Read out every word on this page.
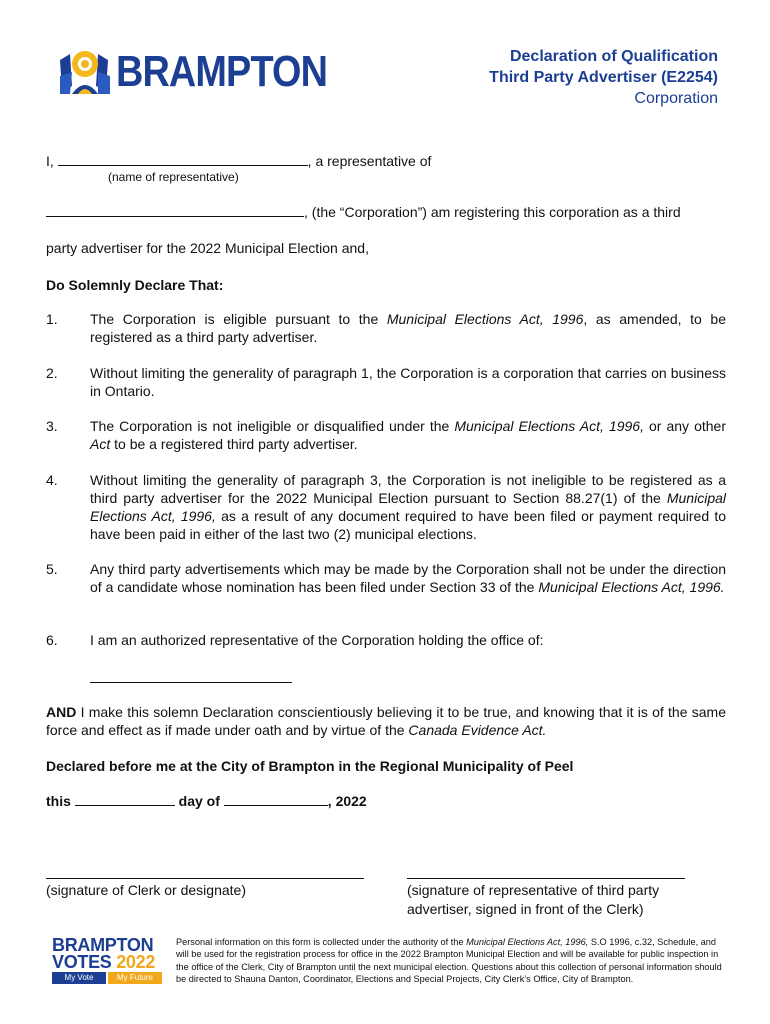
BRAMPTON	Declaration of Qualification
Third Party Advertiser (E2254)
Corporation
I,	, a representative of
(name of representative)
, (the “Corporation”) am registering this corporation as a third
party advertiser for the 2022 Municipal Election and,
Do Solemnly Declare That:
1.	The Corporation is eligible pursuant to the Municipal Elections Act, 1996, as amended, to be registered as a third party advertiser.
2.	Without limiting the generality of paragraph 1, the Corporation is a corporation that carries on business in Ontario.
3.	The Corporation is not ineligible or disqualified under the Municipal Elections Act, 1996, or any other Act to be a registered third party advertiser.
4.	Without limiting the generality of paragraph 3, the Corporation is not ineligible to be registered as a third party advertiser for the 2022 Municipal Election pursuant to Section 88.27(1) of the Municipal Elections Act, 1996, as a result of any document required to have been filed or payment required to have been paid in either of the last two (2) municipal elections.
5.	Any third party advertisements which may be made by the Corporation shall not be under the direction of a candidate whose nomination has been filed under Section 33 of the Municipal Elections Act, 1996.
6.	I am an authorized representative of the Corporation holding the office of:
AND I make this solemn Declaration conscientiously believing it to be true, and knowing that it is of the same force and effect as if made under oath and by virtue of the Canada Evidence Act.
Declared before me at the City of Brampton in the Regional Municipality of Peel
this	day of	, 2022
(signature of Clerk or designate)	(signature of representative of third party
advertiser, signed in front of the Clerk)
BRAMPTON
VOTES 2022
My Vote	My Future
Personal information on this form is collected under the authority of the Municipal Elections Act, 1996, S.O 1996, c.32, Schedule, and will be used for the registration process for office in the 2022 Brampton Municipal Election and will be available for public inspection in the office of the Clerk, City of Brampton until the next municipal election. Questions about this collection of personal information should be directed to Shauna Danton, Coordinator, Elections and Special Projects, City Clerk’s Office, City of Brampton.
